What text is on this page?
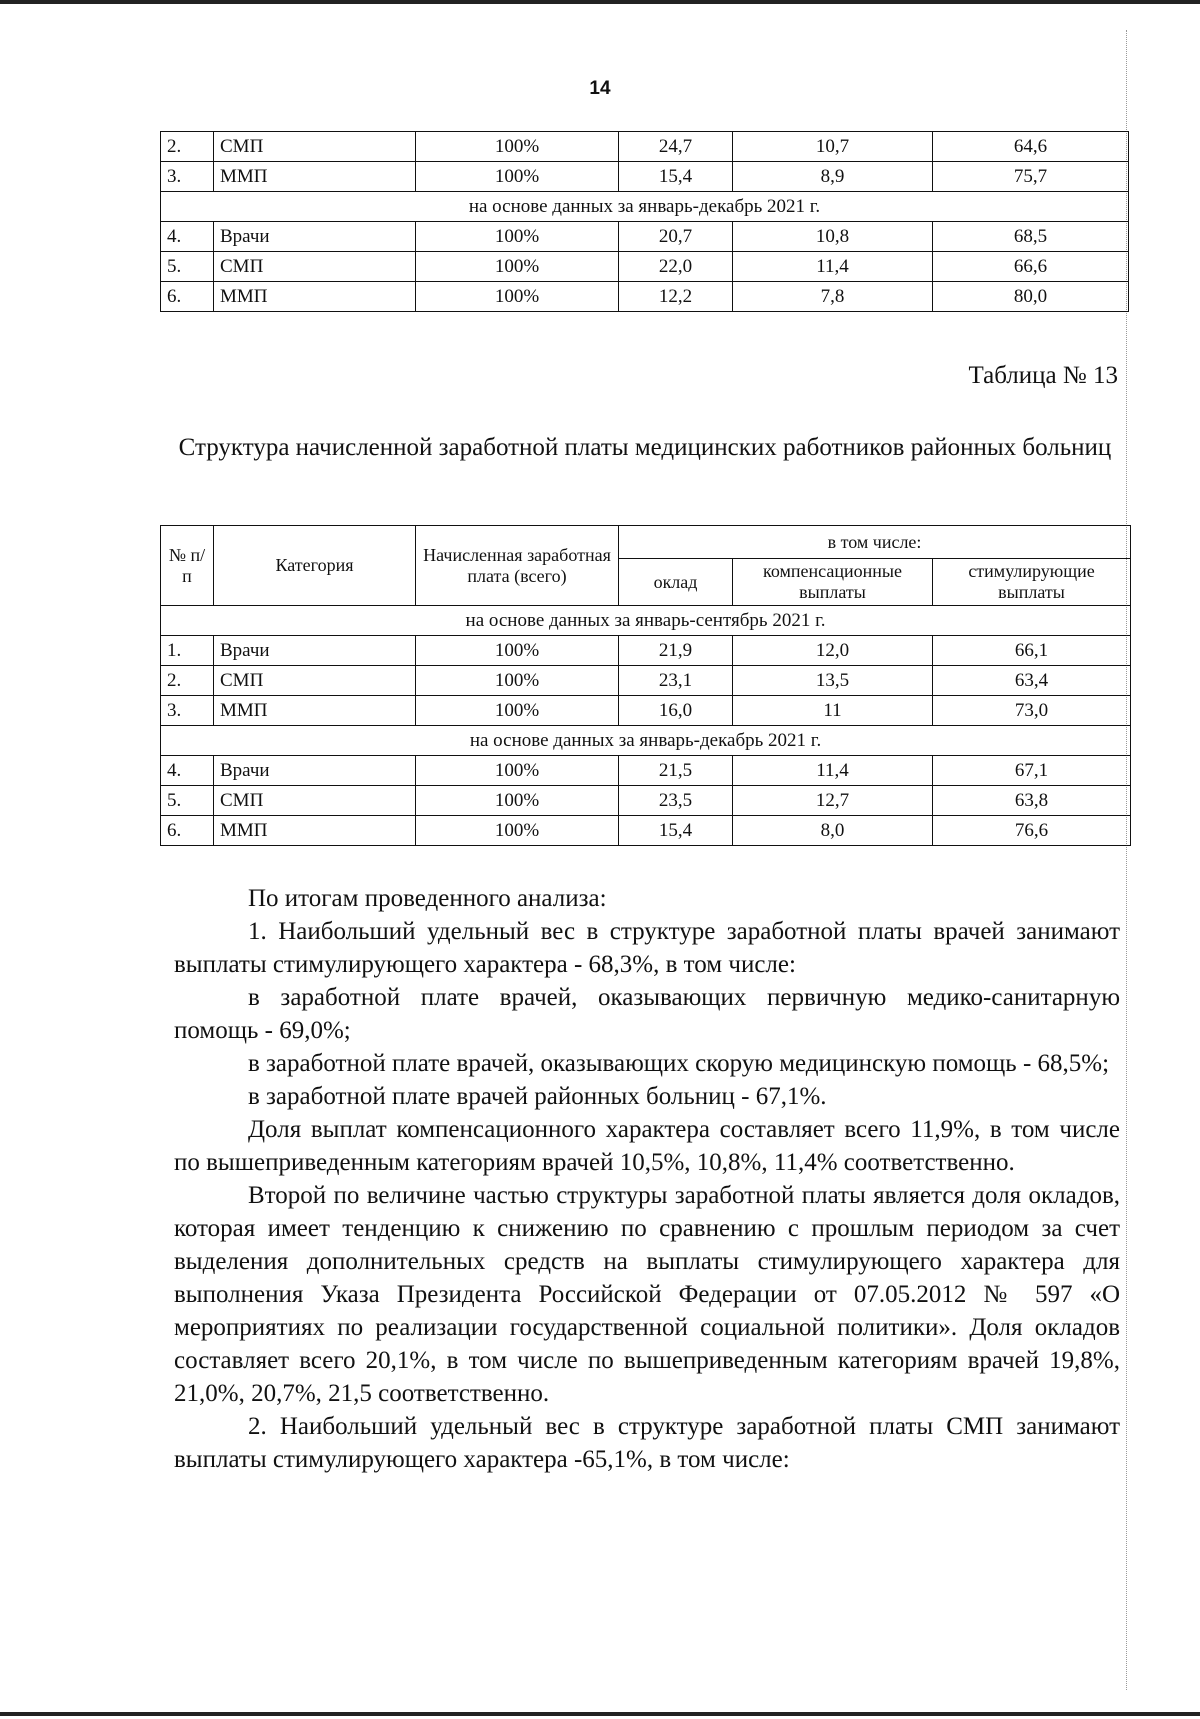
14
2.	СМП	100%	24,7	10,7	64,6
3.	ММП	100%	15,4	8,9	75,7
на основе данных за январь-декабрь 2021 г.					
4.	Врачи	100%	20,7	10,8	68,5
5.	СМП	100%	22,0	11,4	66,6
6.	ММП	100%	12,2	7,8	80,0
Таблица № 13
Структура начисленной заработной платы медицинских работников районных больниц
№ п/п	Категория	Начисленная заработная плата (всего)	в том числе:		
			оклад	компенсационные выплаты	стимулирующие выплаты
на основе данных за январь-сентябрь 2021 г.					
1.	Врачи	100%	21,9	12,0	66,1
2.	СМП	100%	23,1	13,5	63,4
3.	ММП	100%	16,0	11	73,0
на основе данных за январь-декабрь 2021 г.					
4.	Врачи	100%	21,5	11,4	67,1
5.	СМП	100%	23,5	12,7	63,8
6.	ММП	100%	15,4	8,0	76,6

По итогам проведенного анализа:

1. Наибольший удельный вес в структуре заработной платы врачей занимают выплаты стимулирующего характера - 68,3%, в том числе:

в заработной плате врачей, оказывающих первичную медико-санитарную помощь - 69,0%;

в заработной плате врачей, оказывающих скорую медицинскую помощь - 68,5%;

в заработной плате врачей районных больниц - 67,1%.

Доля выплат компенсационного характера составляет всего 11,9%, в том числе по вышеприведенным категориям врачей 10,5%, 10,8%, 11,4% соответственно.

Второй по величине частью структуры заработной платы является доля окладов, которая имеет тенденцию к снижению по сравнению с прошлым периодом за счет выделения дополнительных средств на выплаты стимулирующего характера для выполнения Указа Президента Российской Федерации от 07.05.2012 № 597 «О мероприятиях по реализации государственной социальной политики». Доля окладов составляет всего 20,1%, в том числе по вышеприведенным категориям врачей 19,8%, 21,0%, 20,7%, 21,5 соответственно.

2. Наибольший удельный вес в структуре заработной платы СМП занимают выплаты стимулирующего характера -65,1%, в том числе:
